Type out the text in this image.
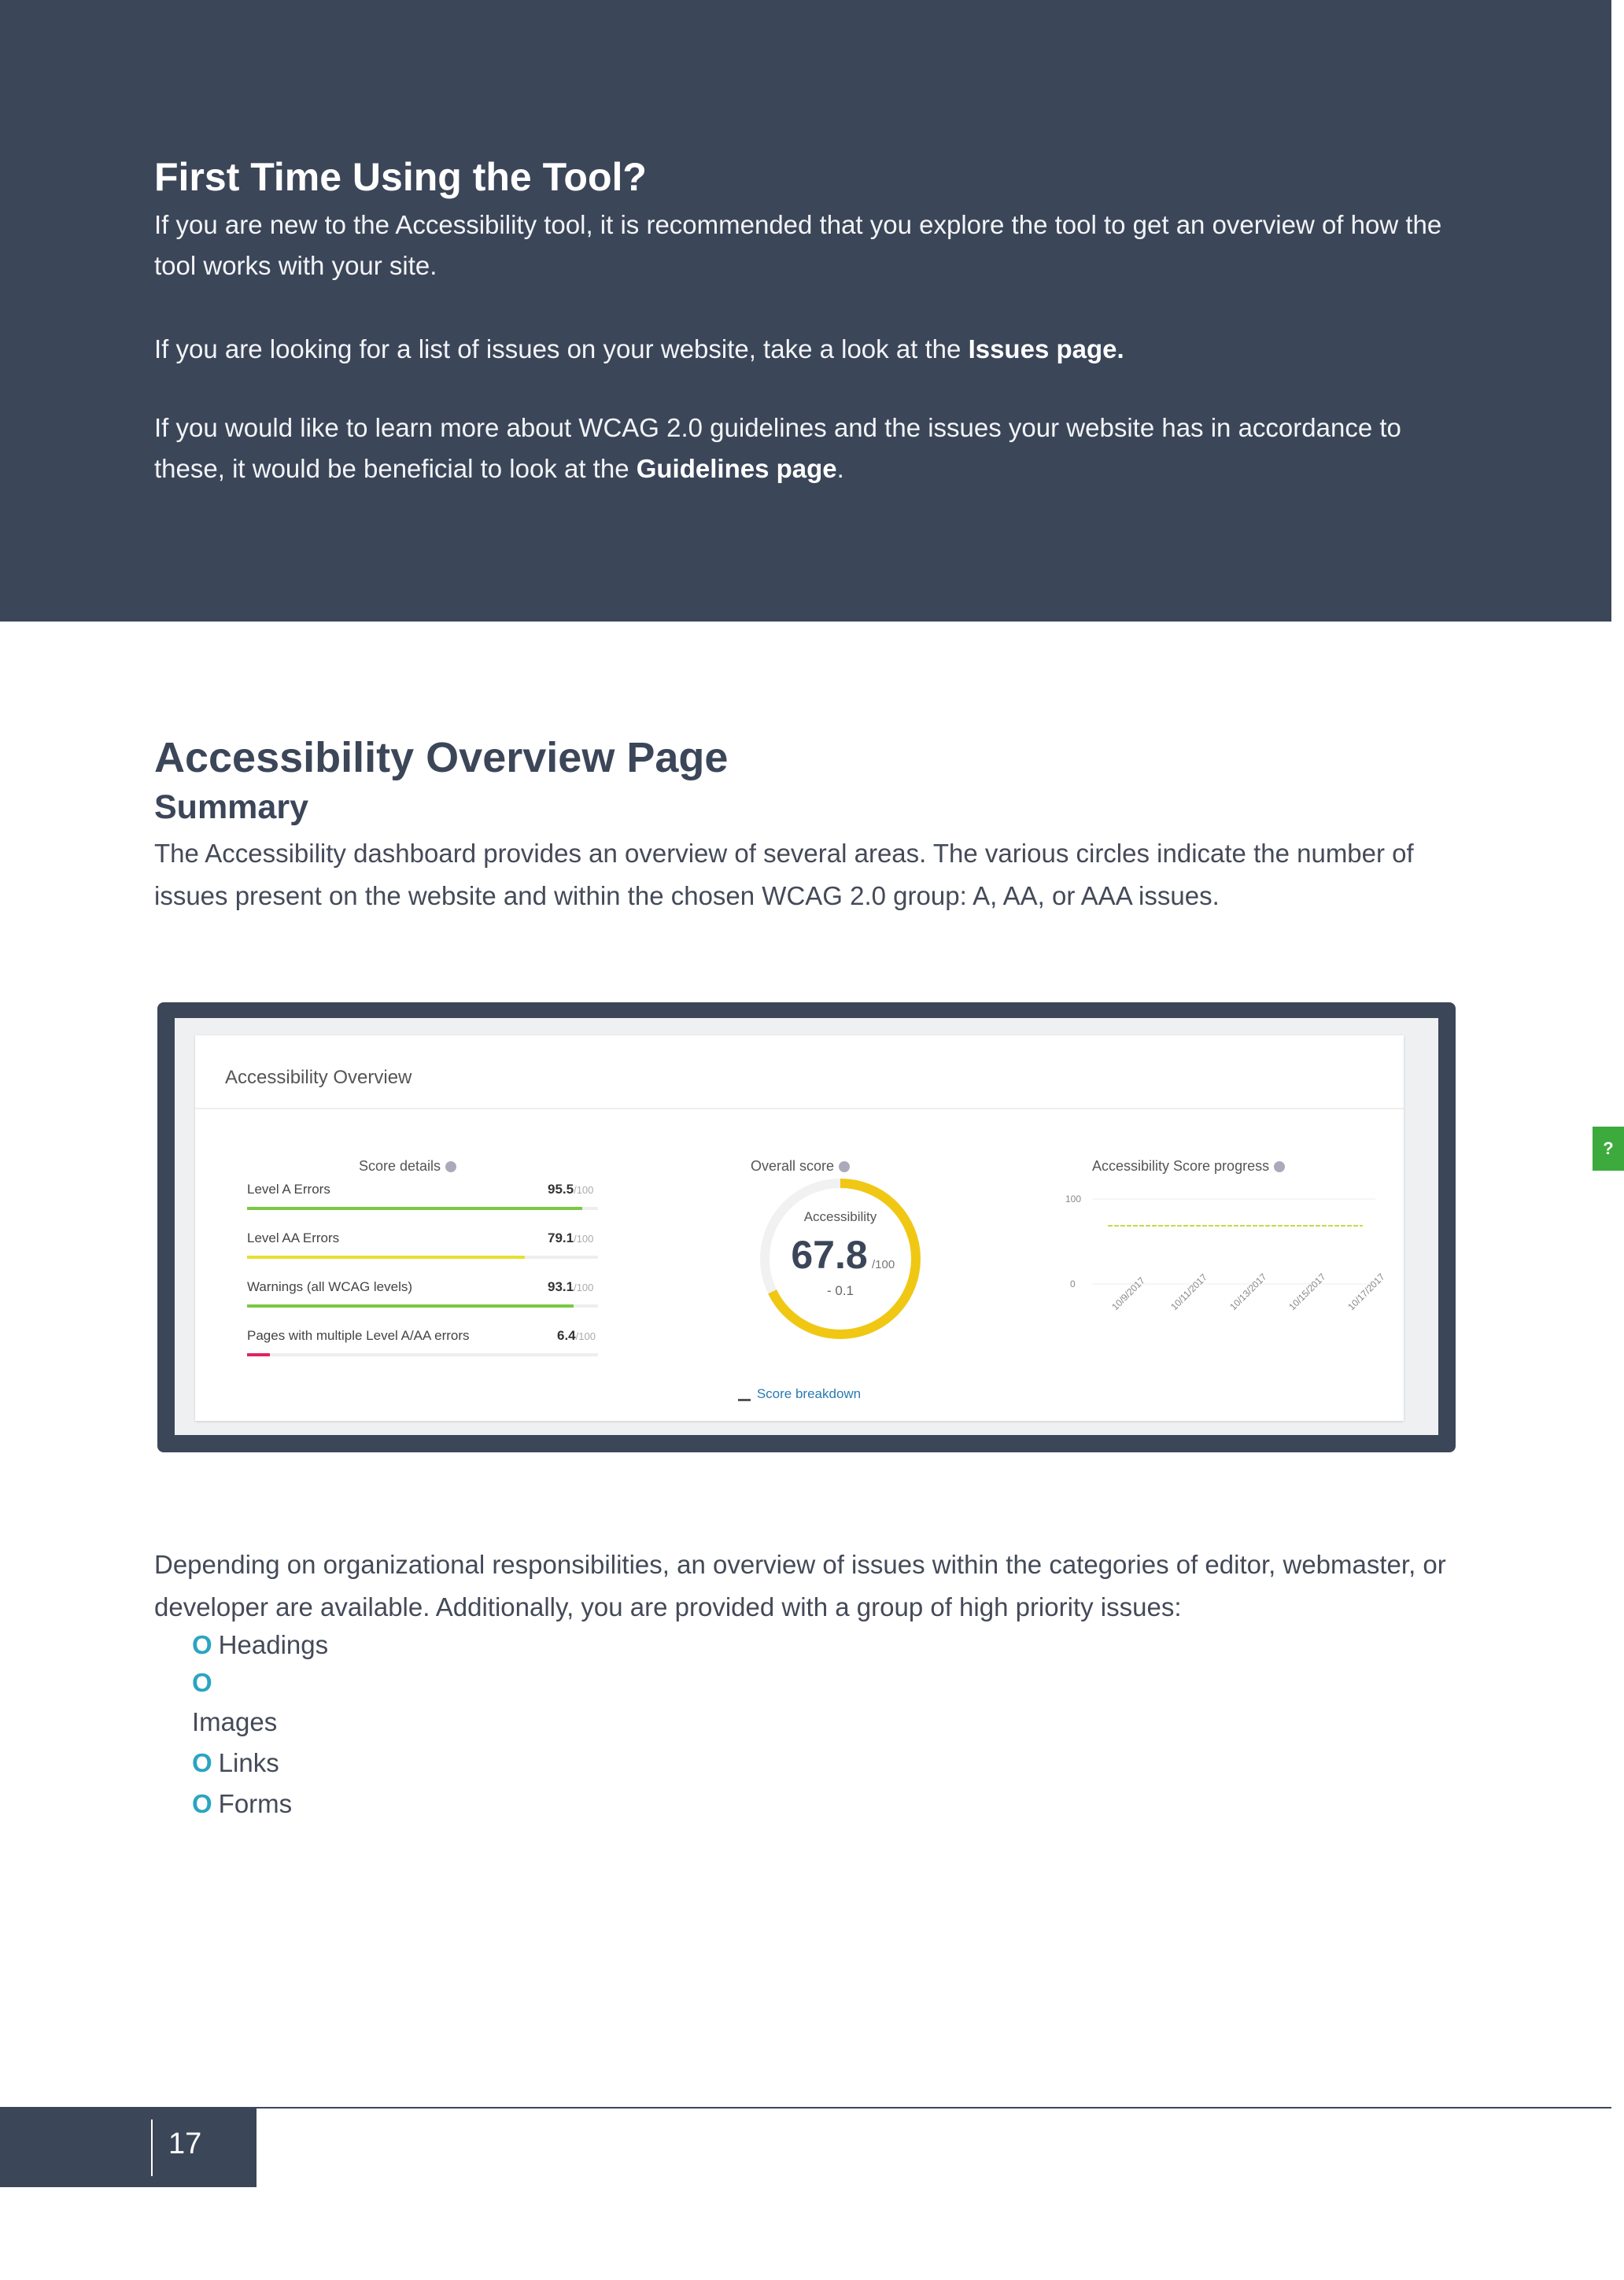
First Time Using the Tool?

If you are new to the Accessibility tool, it is recommended that you explore the tool to get an overview of how the tool works with your site.

If you are looking for a list of issues on your website, take a look at the Issues page.

If you would like to learn more about WCAG 2.0 guidelines and the issues your website has in accordance to these, it would be beneficial to look at the Guidelines page.

Accessibility Overview Page
Summary

The Accessibility dashboard provides an overview of several areas. The various circles indicate the number of issues present on the website and within the chosen WCAG 2.0 group: A, AA, or AAA issues.

Accessibility Overview
Score details	Overall score	Accessibility Score progress
Level A Errors	95.5/100
Level AA Errors	79.1/100
Warnings (all WCAG levels)	93.1/100
Pages with multiple Level A/AA errors	6.4/100
Accessibility
67.8 /100
- 0.1
100
0	10/9/2017 10/11/2017 10/13/2017 10/15/2017 10/17/2017
?
Score breakdown

Depending on organizational responsibilities, an overview of issues within the categories of editor, webmaster, or developer are available. Additionally, you are provided with a group of high priority issues:

O Headings
O
Images
O Links
O Forms
17
